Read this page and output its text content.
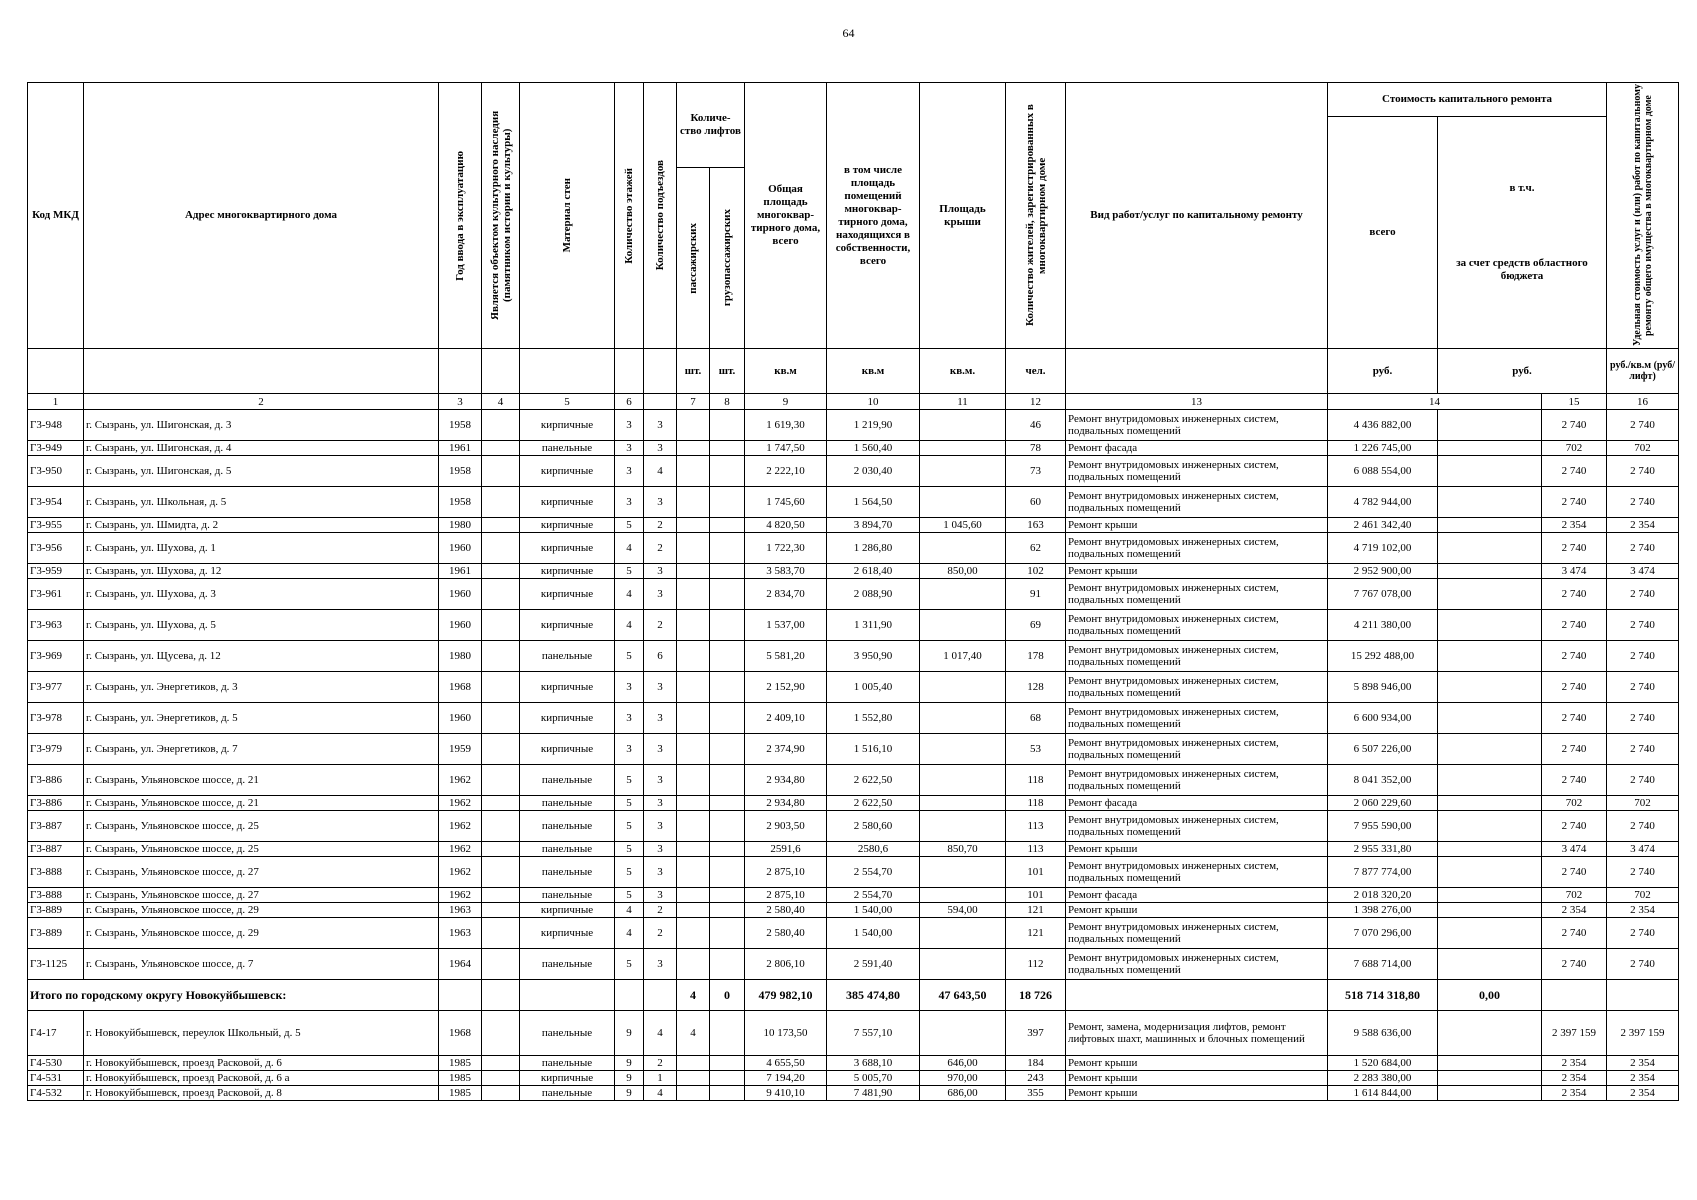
64
Код МКД	Адрес многоквартирного дома	Год ввода в эксплуатацию	Является объектом культурного наследия (памятником истории и культуры)	Материал стен	Количество этажей	Количество подъездов	Количе- ство лифтов		Общая площадь многоквар- тирного дома, всего	в том числе площадь помещений многоквар- тирного дома, находящихся в собственности, всего	Площадь крыши	Количество жителей, зарегистрированных в многоквартирном доме	Вид работ/услуг по капитальному ремонту	Стоимость капитального ремонта			Удельная стоимость услуг и (или) работ по капитальному ремонту общего имущества в многоквартирном доме

														всего	в т.ч.
за счет средств областного бюджета			

							пассажирских	грузопассажирских										

							шт.	шт.	кв.м	кв.м	кв.м.	чел.		руб.	руб.		руб./кв.м (руб/лифт)	
1	2	3	4	5	6		7	8	9	10	11	12	13	14		15	16	
Г3-948	г. Сызрань, ул. Шигонская, д. 3	1958		кирпичные	3	3			1 619,30	1 219,90		46	Ремонт внутридомовых инженерных систем, подвальных помещений	4 436 882,00		2 740	2 740	
Г3-949	г. Сызрань, ул. Шигонская, д. 4	1961		панельные	3	3			1 747,50	1 560,40		78	Ремонт фасада	1 226 745,00		702	702	
Г3-950	г. Сызрань, ул. Шигонская, д. 5	1958		кирпичные	3	4			2 222,10	2 030,40		73	Ремонт внутридомовых инженерных систем, подвальных помещений	6 088 554,00		2 740	2 740	
Г3-954	г. Сызрань, ул. Школьная, д. 5	1958		кирпичные	3	3			1 745,60	1 564,50		60	Ремонт внутридомовых инженерных систем, подвальных помещений	4 782 944,00		2 740	2 740	
Г3-955	г. Сызрань, ул. Шмидта, д. 2	1980		кирпичные	5	2			4 820,50	3 894,70	1 045,60	163	Ремонт крыши	2 461 342,40		2 354	2 354	
Г3-956	г. Сызрань, ул. Шухова, д. 1	1960		кирпичные	4	2			1 722,30	1 286,80		62	Ремонт внутридомовых инженерных систем, подвальных помещений	4 719 102,00		2 740	2 740	
Г3-959	г. Сызрань, ул. Шухова, д. 12	1961		кирпичные	5	3			3 583,70	2 618,40	850,00	102	Ремонт крыши	2 952 900,00		3 474	3 474	
Г3-961	г. Сызрань, ул. Шухова, д. 3	1960		кирпичные	4	3			2 834,70	2 088,90		91	Ремонт внутридомовых инженерных систем, подвальных помещений	7 767 078,00		2 740	2 740	
Г3-963	г. Сызрань, ул. Шухова, д. 5	1960		кирпичные	4	2			1 537,00	1 311,90		69	Ремонт внутридомовых инженерных систем, подвальных помещений	4 211 380,00		2 740	2 740	
Г3-969	г. Сызрань, ул. Щусева, д. 12	1980		панельные	5	6			5 581,20	3 950,90	1 017,40	178	Ремонт внутридомовых инженерных систем, подвальных помещений	15 292 488,00		2 740	2 740	
Г3-977	г. Сызрань, ул. Энергетиков, д. 3	1968		кирпичные	3	3			2 152,90	1 005,40		128	Ремонт внутридомовых инженерных систем, подвальных помещений	5 898 946,00		2 740	2 740	
Г3-978	г. Сызрань, ул. Энергетиков, д. 5	1960		кирпичные	3	3			2 409,10	1 552,80		68	Ремонт внутридомовых инженерных систем, подвальных помещений	6 600 934,00		2 740	2 740	
Г3-979	г. Сызрань, ул. Энергетиков, д. 7	1959		кирпичные	3	3			2 374,90	1 516,10		53	Ремонт внутридомовых инженерных систем, подвальных помещений	6 507 226,00		2 740	2 740	
Г3-886	г. Сызрань, Ульяновское шоссе, д. 21	1962		панельные	5	3			2 934,80	2 622,50		118	Ремонт внутридомовых инженерных систем, подвальных помещений	8 041 352,00		2 740	2 740	
Г3-886	г. Сызрань, Ульяновское шоссе, д. 21	1962		панельные	5	3			2 934,80	2 622,50		118	Ремонт фасада	2 060 229,60		702	702	
Г3-887	г. Сызрань, Ульяновское шоссе, д. 25	1962		панельные	5	3			2 903,50	2 580,60		113	Ремонт внутридомовых инженерных систем, подвальных помещений	7 955 590,00		2 740	2 740	
Г3-887	г. Сызрань, Ульяновское шоссе, д. 25	1962		панельные	5	3			2591,6	2580,6	850,70	113	Ремонт крыши	2 955 331,80		3 474	3 474	
Г3-888	г. Сызрань, Ульяновское шоссе, д. 27	1962		панельные	5	3			2 875,10	2 554,70		101	Ремонт внутридомовых инженерных систем, подвальных помещений	7 877 774,00		2 740	2 740	
Г3-888	г. Сызрань, Ульяновское шоссе, д. 27	1962		панельные	5	3			2 875,10	2 554,70		101	Ремонт фасада	2 018 320,20		702	702	
Г3-889	г. Сызрань, Ульяновское шоссе, д. 29	1963		кирпичные	4	2			2 580,40	1 540,00	594,00	121	Ремонт крыши	1 398 276,00		2 354	2 354	
Г3-889	г. Сызрань, Ульяновское шоссе, д. 29	1963		кирпичные	4	2			2 580,40	1 540,00		121	Ремонт внутридомовых инженерных систем, подвальных помещений	7 070 296,00		2 740	2 740	
Г3-1125	г. Сызрань, Ульяновское шоссе, д. 7	1964		панельные	5	3			2 806,10	2 591,40		112	Ремонт внутридомовых инженерных систем, подвальных помещений	7 688 714,00		2 740	2 740	
Итого по городскому округу Новокуйбышевск:							4	0	479 982,10	385 474,80	47 643,50	18 726		518 714 318,80	0,00			
Г4-17	г. Новокуйбышевск, переулок Школьный, д. 5	1968		панельные	9	4	4		10 173,50	7 557,10		397	Ремонт, замена, модернизация лифтов, ремонт лифтовых шахт, машинных и блочных помещений	9 588 636,00		2 397 159	2 397 159	
Г4-530	г. Новокуйбышевск, проезд Расковой, д. 6	1985		панельные	9	2			4 655,50	3 688,10	646,00	184	Ремонт крыши	1 520 684,00		2 354	2 354	
Г4-531	г. Новокуйбышевск, проезд Расковой, д. 6 а	1985		кирпичные	9	1			7 194,20	5 005,70	970,00	243	Ремонт крыши	2 283 380,00		2 354	2 354	
Г4-532	г. Новокуйбышевск, проезд Расковой, д. 8	1985		панельные	9	4			9 410,10	7 481,90	686,00	355	Ремонт крыши	1 614 844,00		2 354	2 354	
